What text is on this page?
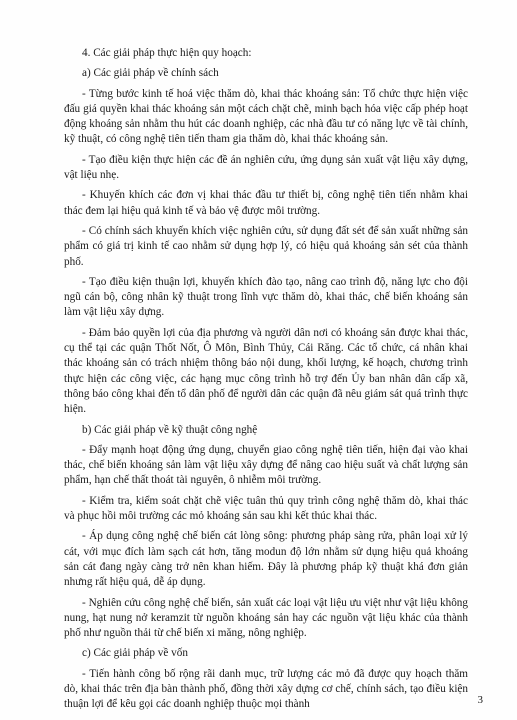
4. Các giải pháp thực hiện quy hoạch:

a) Các giải pháp về chính sách

- Từng bước kinh tế hoá việc thăm dò, khai thác khoáng sản: Tổ chức thực hiện việc đấu giá quyền khai thác khoáng sản một cách chặt chẽ, minh bạch hóa việc cấp phép hoạt động khoáng sản nhằm thu hút các doanh nghiệp, các nhà đầu tư có năng lực về tài chính, kỹ thuật, có công nghệ tiên tiến tham gia thăm dò, khai thác khoáng sản.

- Tạo điều kiện thực hiện các đề án nghiên cứu, ứng dụng sản xuất vật liệu xây dựng, vật liệu nhẹ.

- Khuyến khích các đơn vị khai thác đầu tư thiết bị, công nghệ tiên tiến nhằm khai thác đem lại hiệu quả kinh tế và bảo vệ được môi trường.

- Có chính sách khuyến khích việc nghiên cứu, sử dụng đất sét để sản xuất những sản phẩm có giá trị kinh tế cao nhằm sử dụng hợp lý, có hiệu quả khoáng sản sét của thành phố.

- Tạo điều kiện thuận lợi, khuyến khích đào tạo, nâng cao trình độ, năng lực cho đội ngũ cán bộ, công nhân kỹ thuật trong lĩnh vực thăm dò, khai thác, chế biến khoáng sản làm vật liệu xây dựng.

- Đảm bảo quyền lợi của địa phương và người dân nơi có khoáng sản được khai thác, cụ thể tại các quận Thốt Nốt, Ô Môn, Bình Thủy, Cái Răng. Các tổ chức, cá nhân khai thác khoáng sản có trách nhiệm thông báo nội dung, khối lượng, kế hoạch, chương trình thực hiện các công việc, các hạng mục công trình hỗ trợ đến Ủy ban nhân dân cấp xã, thông báo công khai đến tổ dân phố để người dân các quận đã nêu giám sát quá trình thực hiện.

b) Các giải pháp về kỹ thuật công nghệ

- Đẩy mạnh hoạt động ứng dụng, chuyển giao công nghệ tiên tiến, hiện đại vào khai thác, chế biến khoáng sản làm vật liệu xây dựng để nâng cao hiệu suất và chất lượng sản phẩm, hạn chế thất thoát tài nguyên, ô nhiễm môi trường.

- Kiểm tra, kiểm soát chặt chẽ việc tuân thủ quy trình công nghệ thăm dò, khai thác và phục hồi môi trường các mỏ khoáng sản sau khi kết thúc khai thác.

- Áp dụng công nghệ chế biến cát lòng sông: phương pháp sàng rửa, phân loại xử lý cát, với mục đích làm sạch cát hơn, tăng modun độ lớn nhằm sử dụng hiệu quả khoáng sản cát đang ngày càng trở nên khan hiếm. Đây là phương pháp kỹ thuật khá đơn giản nhưng rất hiệu quả, dễ áp dụng.

- Nghiên cứu công nghệ chế biến, sản xuất các loại vật liệu ưu việt như vật liệu không nung, hạt nung nở keramzit từ nguồn khoáng sản hay các nguồn vật liệu khác của thành phố như nguồn thải từ chế biến xi măng, nông nghiệp.

c) Các giải pháp về vốn

- Tiến hành công bố rộng rãi danh mục, trữ lượng các mỏ đã được quy hoạch thăm dò, khai thác trên địa bàn thành phố, đồng thời xây dựng cơ chế, chính sách, tạo điều kiện thuận lợi để kêu gọi các doanh nghiệp thuộc mọi thành	3
